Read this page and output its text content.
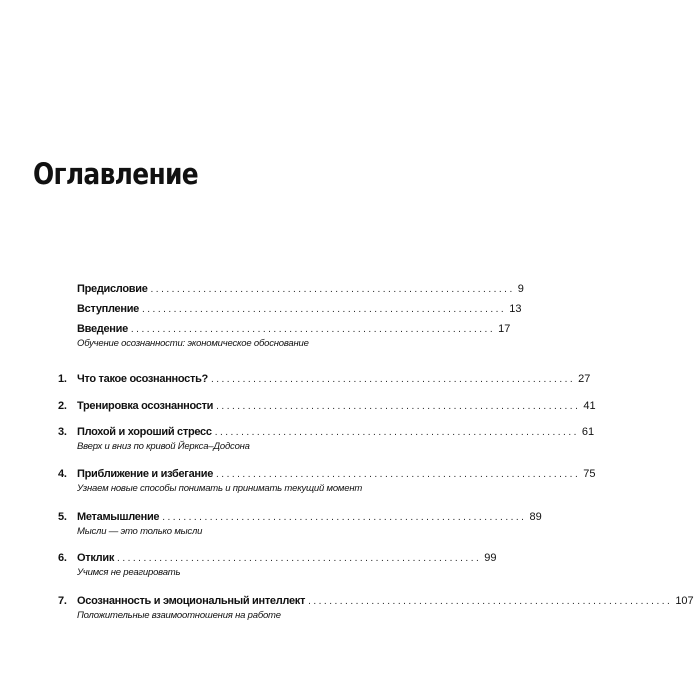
Оглавление
Предисловие ..................................................................... 9
Вступление ..................................................................... 13
Введение ..................................................................... 17
Обучение осознанности: экономическое обоснование
1. Что такое осознанность? ..................................................................... 27
2. Тренировка осознанности ..................................................................... 41
3. Плохой и хороший стресс ..................................................................... 61
Вверх и вниз по кривой Йеркса–Додсона
4. Приближение и избегание ..................................................................... 75
Узнаем новые способы понимать и принимать текущий момент
5. Метамышление ..................................................................... 89
Мысли — это только мысли
6. Отклик ..................................................................... 99
Учимся не реагировать
7. Осознанность и эмоциональный интеллект ..................................................................... 107
Положительные взаимоотношения на работе
